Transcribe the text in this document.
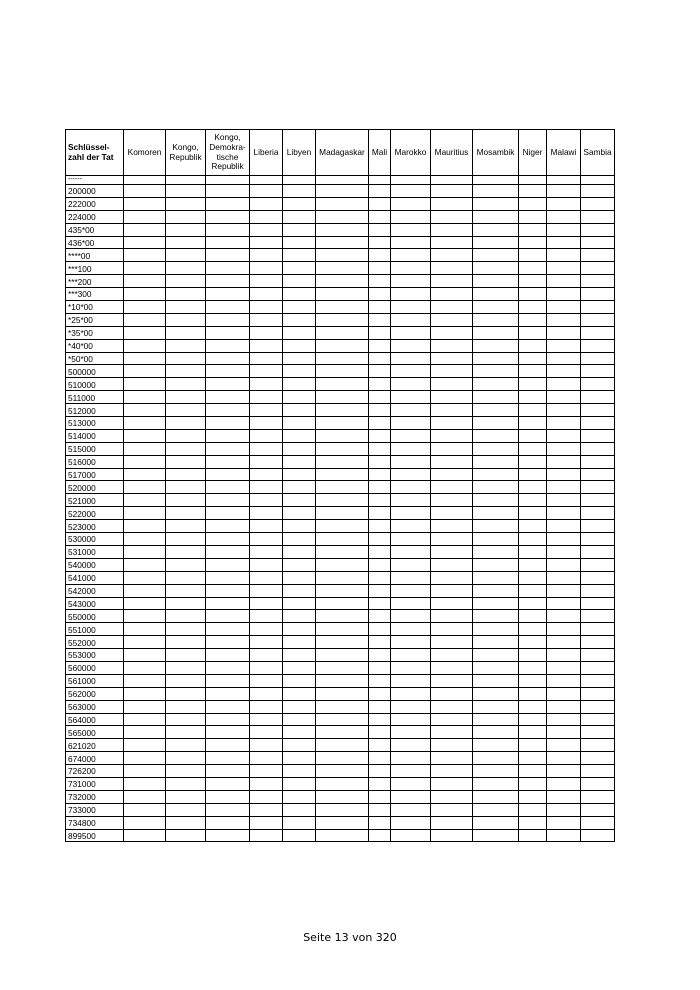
Schlüssel-zahl der Tat	Komoren	Kongo, Republik	Kongo, Demokra-tische Republik	Liberia	Libyen	Madagaskar	Mali	Marokko	Mauritius	Mosambik	Niger	Malawi	Sambia
------													
200000													
222000													
224000													
435*00													
436*00													
****00													
***100													
***200													
***300													
*10*00													
*25*00													
*35*00													
*40*00													
*50*00													
500000													
510000													
511000													
512000													
513000													
514000													
515000													
516000													
517000													
520000													
521000													
522000													
523000													
530000													
531000													
540000													
541000													
542000													
543000													
550000													
551000													
552000													
553000													
560000													
561000													
562000													
563000													
564000													
565000													
621020													
674000													
726200													
731000													
732000													
733000													
734800													
899500													
Seite 13 von 320
